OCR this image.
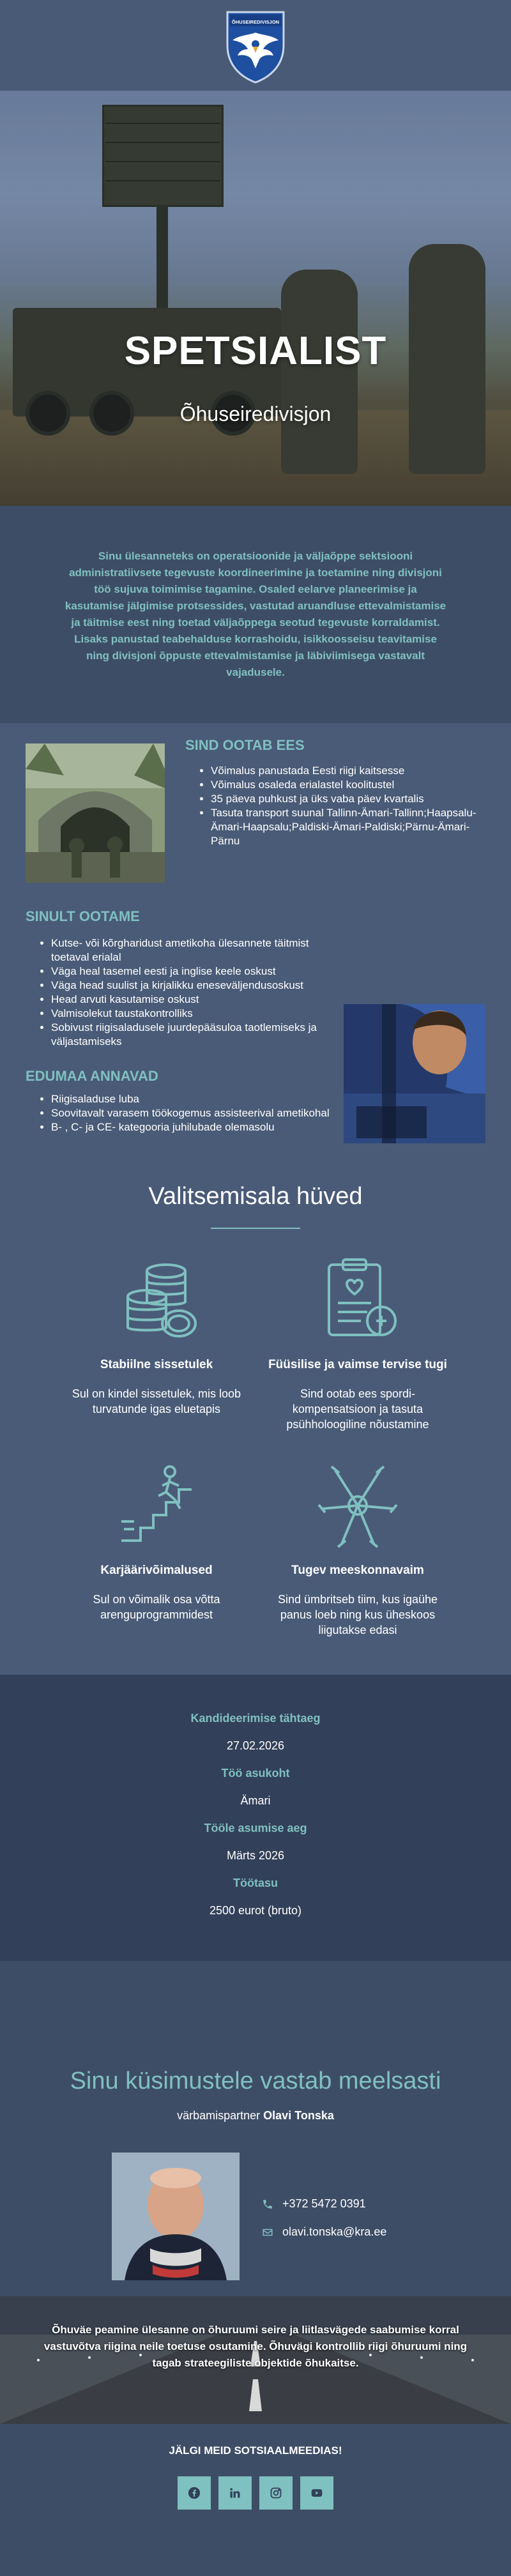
ÕHUSEIREDIVISJON
SPETSIALIST
Õhuseiredivisjon

Sinu ülesanneteks on operatsioonide ja väljaõppe sektsiooni administratiivsete tegevuste koordineerimine ja toetamine ning divisjoni töö sujuva toimimise tagamine. Osaled eelarve planeerimise ja kasutamise jälgimise protsessides, vastutad aruandluse ettevalmistamise ja täitmise eest ning toetad väljaõppega seotud tegevuste korraldamist. Lisaks panustad teabehalduse korrashoidu, isikkoosseisu teavitamise ning divisjoni õppuste ettevalmistamise ja läbiviimisega vastavalt vajadusele.

SIND OOTAB EES
• Võimalus panustada Eesti riigi kaitsesse
• Võimalus osaleda erialastel koolitustel
• 35 päeva puhkust ja üks vaba päev kvartalis
• Tasuta transport suunal Tallinn-Ämari-Tallinn;Haapsalu-Ämari-Haapsalu;Paldiski-Ämari-Paldiski;Pärnu-Ämari-Pärnu
SINULT OOTAME
• Kutse- või kõrgharidust ametikoha ülesannete täitmist toetaval erialal
• Väga heal tasemel eesti ja inglise keele oskust
• Väga head suulist ja kirjalikku eneseväljendusoskust
• Head arvuti kasutamise oskust
• Valmisolekut taustakontrolliks
• Sobivust riigisaladusele juurdepääsuloa taotlemiseks ja väljastamiseks
EDUMAA ANNAVAD
• Riigisaladuse luba
• Soovitavalt varasem töökogemus assisteerival ametikohal
• B- , C- ja CE- kategooria juhilubade olemasolu
Valitsemisala hüved
Stabiilne sissetulek

Sul on kindel sissetulek, mis loob turvatunde igas eluetapis

Füüsilise ja vaimse tervise tugi

Sind ootab ees spordi-kompensatsioon ja tasuta psühholoogiline nõustamine

Karjäärivõimalused

Sul on võimalik osa võtta arenguprogrammidest

Tugev meeskonnavaim

Sind ümbritseb tiim, kus igaühe panus loeb ning kus üheskoos liigutakse edasi

Kandideerimise tähtaeg
27.02.2026
Töö asukoht
Ämari
Tööle asumise aeg
Märts 2026
Töötasu
2500 eurot (bruto)
Sinu küsimustele vastab meelsasti
värbamispartner Olavi Tonska
+372 5472 0391
olavi.tonska@kra.ee

Õhuväe peamine ülesanne on õhuruumi seire ja liitlasvägede saabumise korral vastuvõtva riigina neile toetuse osutamine. Õhuvägi kontrollib riigi õhuruumi ning tagab strateegiliste objektide õhukaitse.

JÄLGI MEID SOTSIAALMEEDIAS!
